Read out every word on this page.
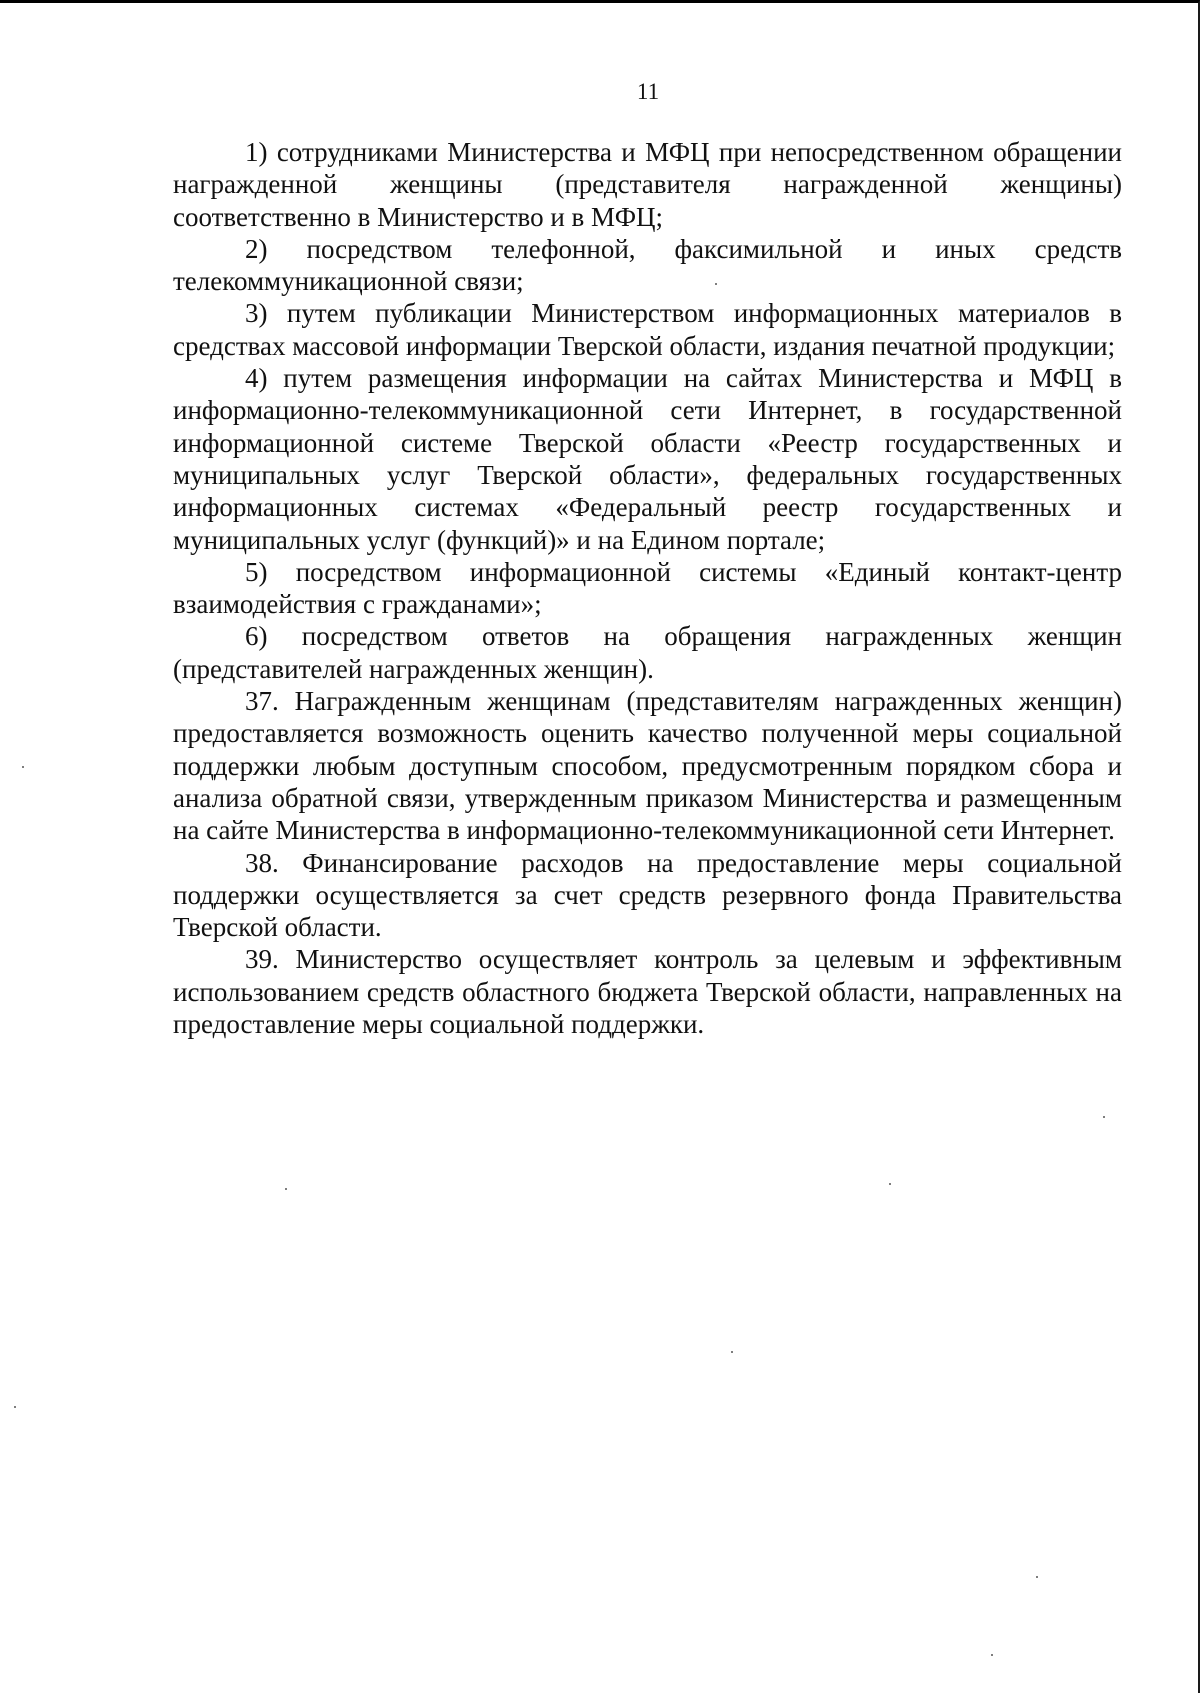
11

1) сотрудниками Министерства и МФЦ при непосредственном обращении награжденной женщины (представителя награжденной женщины) соответственно в Министерство и в МФЦ;

2) посредством телефонной, факсимильной и иных средств телекоммуникационной связи;

3) путем публикации Министерством информационных материалов в средствах массовой информации Тверской области, издания печатной продукции;

4) путем размещения информации на сайтах Министерства и МФЦ в информационно-телекоммуникационной сети Интернет, в государственной информационной системе Тверской области «Реестр государственных и муниципальных услуг Тверской области», федеральных государственных информационных системах «Федеральный реестр государственных и муниципальных услуг (функций)» и на Едином портале;

5) посредством информационной системы «Единый контакт-центр взаимодействия с гражданами»;

6) посредством ответов на обращения награжденных женщин (представителей награжденных женщин).

37. Награжденным женщинам (представителям награжденных женщин) предоставляется возможность оценить качество полученной меры социальной поддержки любым доступным способом, предусмотренным порядком сбора и анализа обратной связи, утвержденным приказом Министерства и размещенным на сайте Министерства в информационно-телекоммуникационной сети Интернет.

38. Финансирование расходов на предоставление меры социальной поддержки осуществляется за счет средств резервного фонда Правительства Тверской области.

39. Министерство осуществляет контроль за целевым и эффективным использованием средств областного бюджета Тверской области, направленных на предоставление меры социальной поддержки.
